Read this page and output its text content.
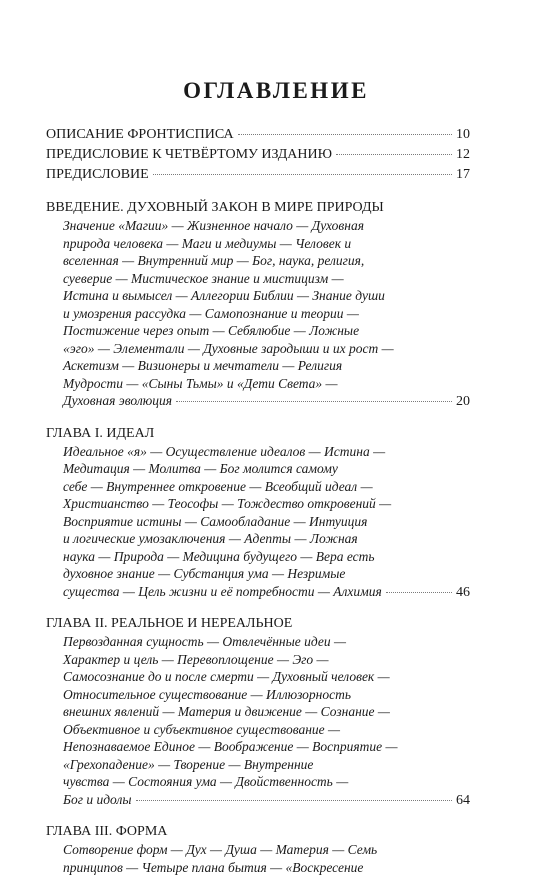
ОГЛАВЛЕНИЕ
ОПИСАНИЕ ФРОНТИСПИСА	10
ПРЕДИСЛОВИЕ К ЧЕТВЁРТОМУ ИЗДАНИЮ	12
ПРЕДИСЛОВИЕ	17
ВВЕДЕНИЕ. ДУХОВНЫЙ ЗАКОН В МИРЕ ПРИРОДЫ
Значение «Магии» — Жизненное начало — Духовная
природа человека — Маги и медиумы — Человек и
вселенная — Внутренний мир — Бог, наука, религия,
суеверие — Мистическое знание и мистицизм —
Истина и вымысел — Аллегории Библии — Знание души
и умозрения рассудка — Самопознание и теории —
Постижение через опыт — Себялюбие — Ложные
«эго» — Элементали — Духовные зародыши и их рост —
Аскетизм — Визионеры и мечтатели — Религия
Мудрости — «Сыны Тьмы» и «Дети Света» —
Духовная эволюция	20
ГЛАВА I. ИДЕАЛ
Идеальное «я» — Осуществление идеалов — Истина —
Медитация — Молитва — Бог молится самому
себе — Внутреннее откровение — Всеобщий идеал —
Христианство — Теософы — Тождество откровений —
Восприятие истины — Самообладание — Интуиция
и логические умозаключения — Адепты — Ложная
наука — Природа — Медицина будущего — Вера есть
духовное знание — Субстанция ума — Незримые
существа — Цель жизни и её потребности — Алхимия	46
ГЛАВА II. РЕАЛЬНОЕ И НЕРЕАЛЬНОЕ
Первозданная сущность — Отвлечённые идеи —
Характер и цель — Перевоплощение — Эго —
Самосознание до и после смерти — Духовный человек —
Относительное существование — Иллюзорность
внешних явлений — Материя и движение — Сознание —
Объективное и субъективное существование —
Непознаваемое Единое — Воображение — Восприятие —
«Грехопадение» — Творение — Внутренние
чувства — Состояния ума — Двойственность —
Бог и идолы	64
ГЛАВА III. ФОРМА
Сотворение форм — Дух — Душа — Материя — Семь
принципов — Четыре плана бытия — «Воскресение
